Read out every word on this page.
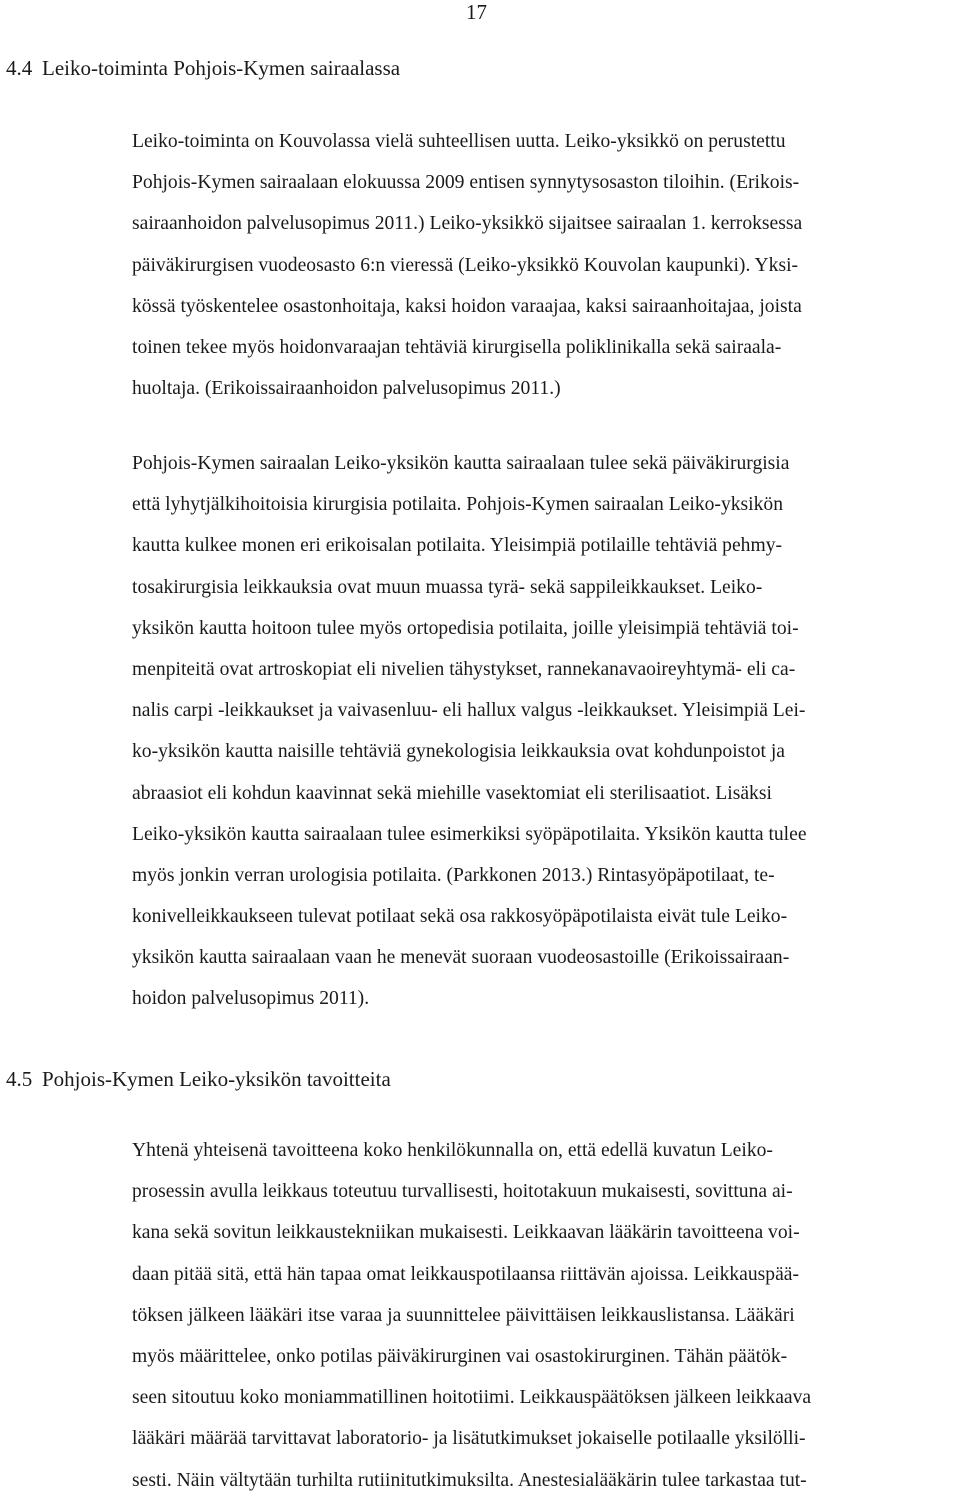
17
4.4 Leiko-toiminta Pohjois-Kymen sairaalassa
Leiko-toiminta on Kouvolassa vielä suhteellisen uutta. Leiko-yksikkö on perustettu
Pohjois-Kymen sairaalaan elokuussa 2009 entisen synnytysosaston tiloihin. (Erikois-
sairaanhoidon palvelusopimus 2011.) Leiko-yksikkö sijaitsee sairaalan 1. kerroksessa
päiväkirurgisen vuodeosasto 6:n vieressä (Leiko-yksikkö Kouvolan kaupunki). Yksi-
kössä työskentelee osastonhoitaja, kaksi hoidon varaajaa, kaksi sairaanhoitajaa, joista
toinen tekee myös hoidonvaraajan tehtäviä kirurgisella poliklinikalla sekä sairaala-
huoltaja. (Erikoissairaanhoidon palvelusopimus 2011.)
Pohjois-Kymen sairaalan Leiko-yksikön kautta sairaalaan tulee sekä päiväkirurgisia
että lyhytjälkihoitoisia kirurgisia potilaita. Pohjois-Kymen sairaalan Leiko-yksikön
kautta kulkee monen eri erikoisalan potilaita. Yleisimpiä potilaille tehtäviä pehmy-
tosakirurgisia leikkauksia ovat muun muassa tyrä- sekä sappileikkaukset. Leiko-
yksikön kautta hoitoon tulee myös ortopedisia potilaita, joille yleisimpiä tehtäviä toi-
menpiteitä ovat artroskopiat eli nivelien tähystykset, rannekanavaoireyhtymä- eli ca-
nalis carpi -leikkaukset ja vaivasenluu- eli hallux valgus -leikkaukset. Yleisimpiä Lei-
ko-yksikön kautta naisille tehtäviä gynekologisia leikkauksia ovat kohdunpoistot ja
abraasiot eli kohdun kaavinnat sekä miehille vasektomiat eli sterilisaatiot. Lisäksi
Leiko-yksikön kautta sairaalaan tulee esimerkiksi syöpäpotilaita. Yksikön kautta tulee
myös jonkin verran urologisia potilaita. (Parkkonen 2013.) Rintasyöpäpotilaat, te-
konivelleikkaukseen tulevat potilaat sekä osa rakkosyöpäpotilaista eivät tule Leiko-
yksikön kautta sairaalaan vaan he menevät suoraan vuodeosastoille (Erikoissairaan-
hoidon palvelusopimus 2011).
4.5 Pohjois-Kymen Leiko-yksikön tavoitteita
Yhtenä yhteisenä tavoitteena koko henkilökunnalla on, että edellä kuvatun Leiko-
prosessin avulla leikkaus toteutuu turvallisesti, hoitotakuun mukaisesti, sovittuna ai-
kana sekä sovitun leikkaustekniikan mukaisesti. Leikkaavan lääkärin tavoitteena voi-
daan pitää sitä, että hän tapaa omat leikkauspotilaansa riittävän ajoissa. Leikkauspää-
töksen jälkeen lääkäri itse varaa ja suunnittelee päivittäisen leikkauslistansa. Lääkäri
myös määrittelee, onko potilas päiväkirurginen vai osastokirurginen. Tähän päätök-
seen sitoutuu koko moniammatillinen hoitotiimi. Leikkauspäätöksen jälkeen leikkaava
lääkäri määrää tarvittavat laboratorio- ja lisätutkimukset jokaiselle potilaalle yksilölli-
sesti. Näin vältytään turhilta rutiinitutkimuksilta. Anestesialääkärin tulee tarkastaa tut-
